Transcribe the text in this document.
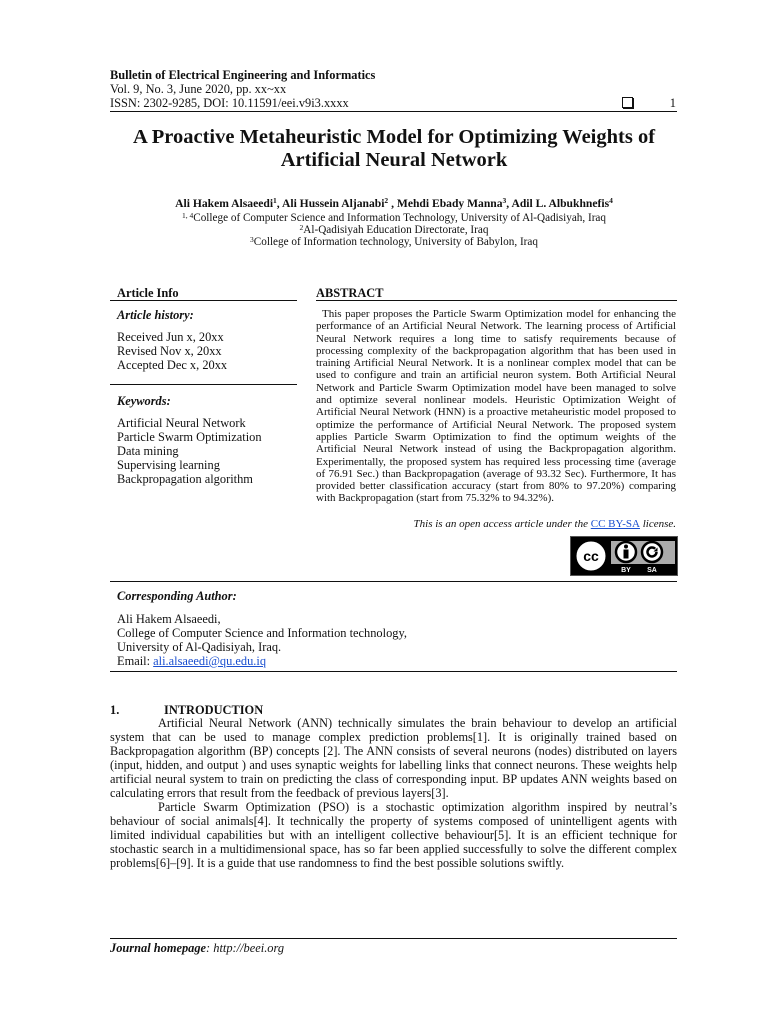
Bulletin of Electrical Engineering and Informatics
Vol. 9, No. 3, June 2020, pp. xx~xx
ISSN: 2302-9285, DOI: 10.11591/eei.v9i3.xxxx	1
A Proactive Metaheuristic Model for Optimizing Weights of
Artificial Neural Network
Ali Hakem Alsaeedi$^1$, Ali Hussein Aljanabi$^2$ , Mehdi Ebady Manna$^3$, Adil L. Albukhnefis$^4$
$^{1, 4}$College of Computer Science and Information Technology, University of Al-Qadisiyah, Iraq
$^2$Al-Qadisiyah Education Directorate, Iraq
$^3$College of Information technology, University of Babylon, Iraq
Article Info	ABSTRACT
Article history:
Received Jun x, 20xx
Revised Nov x, 20xx
Accepted Dec x, 20xx
Keywords:
Artificial Neural Network
Particle Swarm Optimization
Data mining
Supervising learning
Backpropagation algorithm
This paper proposes the Particle Swarm Optimization model for enhancing the performance of an Artificial Neural Network. The learning process of Artificial Neural Network requires a long time to satisfy requirements because of processing complexity of the backpropagation algorithm that has been used in training Artificial Neural Network. It is a nonlinear complex model that can be used to configure and train an artificial neuron system. Both Artificial Neural Network and Particle Swarm Optimization model have been managed to solve and optimize several nonlinear models. Heuristic Optimization Weight of Artificial Neural Network (HNN) is a proactive metaheuristic model proposed to optimize the performance of Artificial Neural Network. The proposed system applies Particle Swarm Optimization to find the optimum weights of the Artificial Neural Network instead of using the Backpropagation algorithm. Experimentally, the proposed system has required less processing time (average of 76.91 Sec.) than Backpropagation (average of 93.32 Sec). Furthermore, It has provided better classification accuracy (start from 80% to 97.20%) comparing with Backpropagation (start from 75.32% to 94.32%).
This is an open access article under the CC BY-SA license.
cc
BY SA
Corresponding Author:
Ali Hakem Alsaeedi,
College of Computer Science and Information technology,
University of Al-Qadisiyah, Iraq.
Email: ali.alsaeedi@qu.edu.iq
1.	INTRODUCTION
Artificial Neural Network (ANN) technically simulates the brain behaviour to develop an artificial system that can be used to manage complex prediction problems[1]. It is originally trained based on Backpropagation algorithm (BP) concepts [2]. The ANN consists of several neurons (nodes) distributed on layers (input, hidden, and output ) and uses synaptic weights for labelling links that connect neurons. These weights help artificial neural system to train on predicting the class of corresponding input. BP updates ANN weights based on calculating errors that result from the feedback of previous layers[3].
Particle Swarm Optimization (PSO) is a stochastic optimization algorithm inspired by neutral’s behaviour of social animals[4]. It technically the property of systems composed of unintelligent agents with limited individual capabilities but with an intelligent collective behaviour[5]. It is an efficient technique for stochastic search in a multidimensional space, has so far been applied successfully to solve the different complex problems[6]–[9]. It is a guide that use randomness to find the best possible solutions swiftly.
Journal homepage: http://beei.org
